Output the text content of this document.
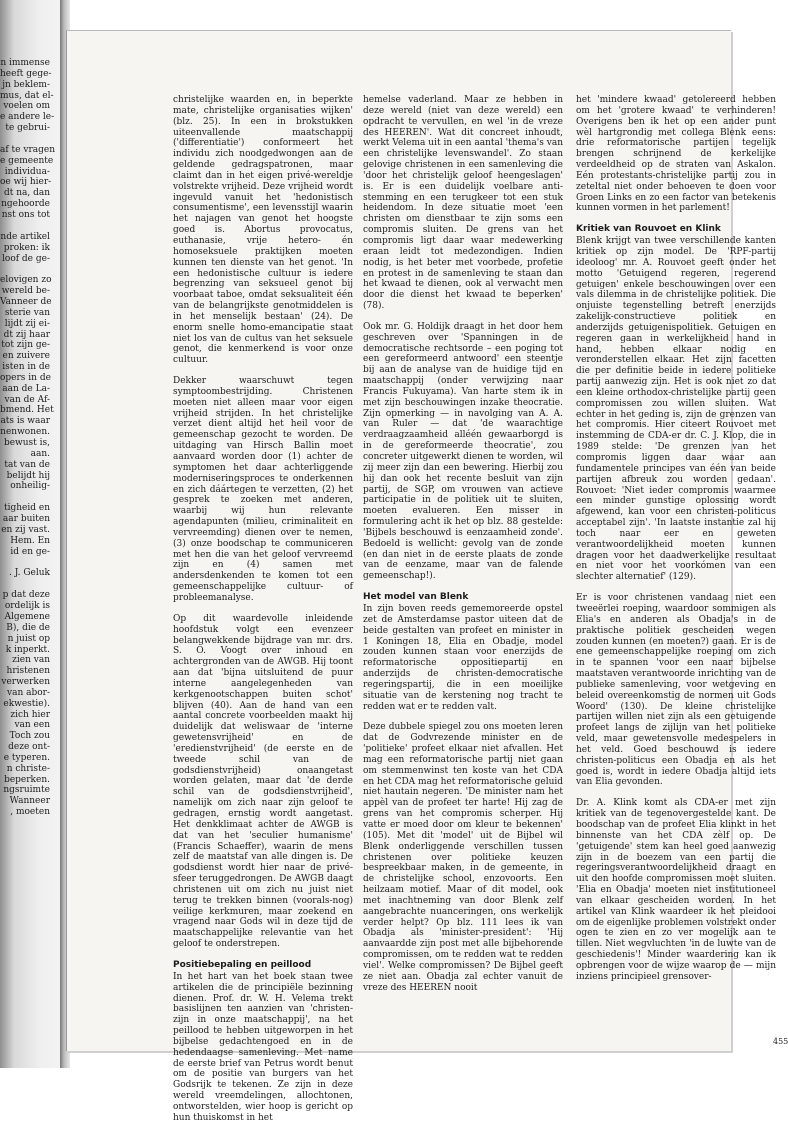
n immense
heeft gege-
jn beklem-
mus, dat el-
voelen om
e andere le-
te gebrui-

af te vragen
e gemeente
individua-
oe wij hier-
dt na, dan
ngehoorde
nst ons tot

nde artikel
proken: ik
loof de ge-

elovigen zo
wereld be-
Vanneer de
sterie van
lijdt zij ei-
dt zij haar
tot zijn ge-
en zuivere
isten in de
opers in de
aan de La-
van de Af-
bmend. Het
ats is waar
nenwonen.
bewust is,
aan.
tat van de
belijdt hij
onheilig-

tigheid en
aar buiten
en zij vast.
Hem. En
id en ge-

. J. Geluk

p dat deze
ordelijk is
Algemene
B), die de
n juist op
k inperkt.
zien van
hristenen
verwerken
van abor-
ekwestie).
zich hier
van een
Toch zou
deze ont-
e typeren.
n christe-
beperken.
ngsruimte
Wanneer
, moeten

christelijke waarden en, in beperkte mate, christelijke organisaties wijken' (blz. 25). In een in brokstukken uiteenvallende maatschappij ('differentiatie') conformeert het individu zich noodgedwongen aan de geldende gedragspatronen, maar claimt dan in het eigen privé-wereldje volstrekte vrijheid. Deze vrijheid wordt ingevuld vanuit het 'hedonistisch consumentisme', een levensstijl waarin het najagen van genot het hoogste goed is. Abortus provocatus, euthanasie, vrije hetero- én homoseksuele praktijken moeten kunnen ten dienste van het genot. 'In een hedonistische cultuur is iedere begrenzing van seksueel genot bij voorbaat taboe, omdat seksualiteit één van de belangrijkste genotmiddelen is in het menselijk bestaan' (24). De enorm snelle homo-emancipatie staat niet los van de cultus van het seksuele genot, die kenmerkend is voor onze cultuur.

Dekker waarschuwt tegen symptoombestrijding. Christenen moeten niet alleen maar voor eigen vrijheid strijden. In het christelijke verzet dient altijd het heil voor de gemeenschap gezocht te worden. De uitdaging van Hirsch Ballin moet aanvaard worden door (1) achter de symptomen het daar achterliggende moderniseringsproces te onderkennen en zich dáártegen te verzetten, (2) het gesprek te zoeken met anderen, waarbij wij hun relevante agendapunten (milieu, criminaliteit en vervreemding) dienen over te nemen, (3) onze boodschap te communiceren met hen die van het geloof vervreemd zijn en (4) samen met andersdenkenden te komen tot een gemeenschappelijke cultuur- of probleemanalyse.

Op dit waardevolle inleidende hoofdstuk volgt een evenzeer belangwekkende bijdrage van mr. drs. S. O. Voogt over inhoud en achtergronden van de AWGB. Hij toont aan dat 'bijna uitsluitend de puur interne aangelegenheden van kerkgenootschappen buiten schot' blijven (40). Aan de hand van een aantal concrete voorbeelden maakt hij duidelijk dat weliswaar de 'interne gewetensvrijheid' en de 'eredienstvrijheid' (de eerste en de tweede schil van de godsdienstvrijheid) onaangetast worden gelaten, maar dat 'de derde schil van de godsdienstvrijheid', namelijk om zich naar zijn geloof te gedragen, ernstig wordt aangetast. Het denkklimaat achter de AWGB is dat van het 'seculier humanisme' (Francis Schaeffer), waarin de mens zelf de maatstaf van alle dingen is. De godsdienst wordt hier naar de privé-sfeer teruggedrongen. De AWGB daagt christenen uit om zich nu juist niet terug te trekken binnen (voorals-nog) veilige kerkmuren, maar zoekend en vragend naar Gods wil in deze tijd de maatschappelijke relevantie van het geloof te onderstrepen.

Positiebepaling en peillood

In het hart van het boek staan twee artikelen die de principiële bezinning dienen. Prof. dr. W. H. Velema trekt basislijnen ten aanzien van 'christen-zijn in onze maatschappij', na het peillood te hebben uitgeworpen in het bijbelse gedachtengoed en in de hedendaagse samenleving. Met name de eerste brief van Petrus wordt benut om de positie van burgers van het Godsrijk te tekenen. Ze zijn in deze wereld vreemdelingen, allochtonen, ontworstelden, wier hoop is gericht op hun thuiskomst in het

hemelse vaderland. Maar ze hebben in deze wereld (niet van deze wereld) een opdracht te vervullen, en wel 'in de vreze des HEEREN'. Wat dit concreet inhoudt, werkt Velema uit in een aantal 'thema's van een christelijke levenswandel'. Zo staan gelovige christenen in een samenleving die 'door het christelijk geloof heengeslagen' is. Er is een duidelijk voelbare anti-stemming en een terugkeer tot een stuk heidendom. In deze situatie moet 'een christen om dienstbaar te zijn soms een compromis sluiten. De grens van het compromis ligt daar waar medewerking eraan leidt tot medezondigen. Indien nodig, is het beter met voorbede, profetie en protest in de samenleving te staan dan het kwaad te dienen, ook al verwacht men door die dienst het kwaad te beperken' (78).

Ook mr. G. Holdijk draagt in het door hem geschreven over 'Spanningen in de democratische rechtsorde – een poging tot een gereformeerd antwoord' een steentje bij aan de analyse van de huidige tijd en maatschappij (onder verwijzing naar Francis Fukuyama). Van harte stem ik in met zijn beschouwingen inzake theocratie. Zijn opmerking — in navolging van A. A. van Ruler — dat 'de waarachtige verdraagzaamheid alléén gewaarborgd is in de gereformeerde theocratie', zou concreter uitgewerkt dienen te worden, wil zij meer zijn dan een bewering. Hierbij zou hij dan ook het recente besluit van zijn partij, de SGP, om vrouwen van actieve participatie in de politiek uit te sluiten, moeten evalueren. Een misser in formulering acht ik het op blz. 88 gestelde: 'Bijbels beschouwd is eenzaamheid zonde'. Bedoeld is wellicht: gevolg van de zonde (en dan niet in de eerste plaats de zonde van de eenzame, maar van de falende gemeenschap!).

Het model van Blenk

In zijn boven reeds gememoreerde opstel zet de Amsterdamse pastor uiteen dat de beide gestalten van profeet en minister in 1 Koningen 18, Elia en Obadje, model zouden kunnen staan voor enerzijds de reformatorische oppositiepartij en anderzijds de christen-democratische regeringspartij, die in een moeilijke situatie van de kerstening nog tracht te redden wat er te redden valt.

Deze dubbele spiegel zou ons moeten leren dat de Godvrezende minister en de 'politieke' profeet elkaar niet afvallen. Het mag een reformatorische partij niet gaan om stemmenwinst ten koste van het CDA en het CDA mag het reformatorische geluid niet hautain negeren. 'De minister nam het appèl van de profeet ter harte! Hij zag de grens van het compromis scherper. Hij vatte er moed door om kleur te bekennen' (105). Met dit 'model' uit de Bijbel wil Blenk onderliggende verschillen tussen christenen over politieke keuzen bespreekbaar maken, in de gemeente, in de christelijke school, enzovoorts. Een heilzaam motief. Maar of dit model, ook met inachtneming van door Blenk zelf aangebrachte nuanceringen, ons werkelijk verder helpt? Op blz. 111 lees ik van Obadja als 'minister-president': 'Hij aanvaardde zijn post met alle bijbehorende compromissen, om te redden wat te redden viel'. Welke compromissen? De Bijbel geeft ze niet aan. Obadja zal echter vanuit de vreze des HEEREN nooit

het 'mindere kwaad' getolereerd hebben om het 'grotere kwaad' te verhinderen! Overigens ben ik het op een ander punt wèl hartgrondig met collega Blenk eens: drie reformatorische partijen tegelijk brengen schrijnend de kerkelijke verdeeldheid op de straten van Askalon. Eén protestants-christelijke partij zou in zeteltal niet onder behoeven te doen voor Groen Links en zo een factor van betekenis kunnen vormen in het parlement!

Kritiek van Rouvoet en Klink

Blenk krijgt van twee verschillende kanten kritiek op zijn model. De 'RPF-partij ideoloog' mr. A. Rouvoet geeft onder het motto 'Getuigend regeren, regerend getuigen' enkele beschouwingen over een vals dilemma in de christelijke politiek. Die onjuiste tegenstelling betreft enerzijds zakelijk-constructieve politiek en anderzijds getuigenispolitiek. Getuigen en regeren gaan in werkelijkheid hand in hand, hebben elkaar nodig en veronderstellen elkaar. Het zijn facetten die per definitie beide in iedere politieke partij aanwezig zijn. Het is ook niet zo dat een kleine orthodox-christelijke partij geen compromissen zou willen sluiten. Wat echter in het geding is, zijn de grenzen van het compromis. Hier citeert Rouvoet met instemming de CDA-er dr. C. J. Klop, die in 1989 stelde: 'De grenzen van het compromis liggen daar waar aan fundamentele principes van één van beide partijen afbreuk zou worden gedaan'. Rouvoet: 'Niet ieder compromis waarmee een minder gunstige oplossing wordt afgewend, kan voor een christen-politicus acceptabel zijn'. 'In laatste instantie zal hij toch naar eer en geweten verantwoordelijkheid moeten kunnen dragen voor het daadwerkelijke resultaat en niet voor het voorkómen van een slechter alternatief' (129).

Er is voor christenen vandaag niet een tweeërlei roeping, waardoor sommigen als Elia's en anderen als Obadja's in de praktische politiek gescheiden wegen zouden kunnen (en moeten?) gaan. Er is de ene gemeenschappelijke roeping om zich in te spannen 'voor een naar bijbelse maatstaven verantwoorde inrichting van de publieke samenleving, voor wetgeving en beleid overeenkomstig de normen uit Gods Woord' (130). De kleine christelijke partijen willen niet zijn als een getuigende profeet langs de zijlijn van het politieke veld, maar gewetensvolle medespelers in het veld. Goed beschouwd is iedere christen-politicus een Obadja en als het goed is, wordt in iedere Obadja altijd iets van Elia gevonden.

Dr. A. Klink komt als CDA-er met zijn kritiek van de tegenovergestelde kant. De boodschap van de profeet Elia klinkt in het binnenste van het CDA zèlf op. De 'getuigende' stem kan heel goed aanwezig zijn in de boezem van een partij die regeringsverantwoordelijkheid draagt en uit den hoofde compromissen moet sluiten. 'Elia en Obadja' moeten niet institutioneel van elkaar gescheiden worden. In het artikel van Klink waardeer ik het pleidooi om de eigenlijke problemen volstrekt onder ogen te zien en zo ver mogelijk aan te tillen. Niet wegvluchten 'in de luwte van de geschiedenis'! Minder waardering kan ik opbrengen voor de wijze waarop de — mijn inziens principieel grensover-

455
